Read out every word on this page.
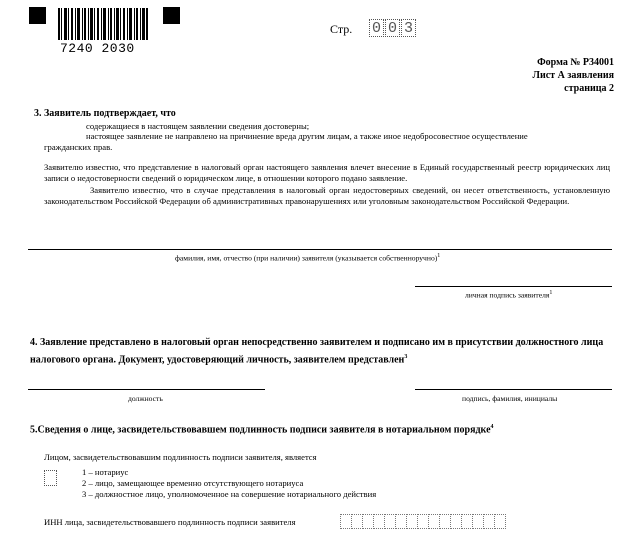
7240 2030
Стр. 0 0 3
Форма № Р34001
Лист А заявления
страница 2
3. Заявитель подтверждает, что
содержащиеся в настоящем заявлении сведения достоверны;
настоящее заявление не направлено на причинение вреда другим лицам, а также иное недобросовестное осуществление
гражданских прав.
Заявителю известно, что представление в налоговый орган настоящего заявления влечет внесение в Единый государственный реестр юридических лиц записи о недостоверности сведений о юридическом лице, в отношении которого подано заявление.
Заявителю известно, что в случае представления в налоговый орган недостоверных сведений, он несет ответственность, установленную законодательством Российской Федерации об административных правонарушениях или уголовным законодательством Российской Федерации.
фамилия, имя, отчество (при наличии) заявителя (указывается собственноручно)$^1$
личная подпись заявителя$^1$
4. Заявление представлено в налоговый орган непосредственно заявителем и подписано им в присутствии должностного лица налогового органа. Документ, удостоверяющий личность, заявителем представлен$^3$
должность	подпись, фамилия, инициалы
5.Сведения о лице, засвидетельствовавшем подлинность подписи заявителя в нотариальном порядке$^4$
Лицом, засвидетельствовавшим подлинность подписи заявителя, является
1 – нотариус
2 – лицо, замещающее временно отсутствующего нотариуса
3 – должностное лицо, уполномоченное на совершение нотариального действия
ИНН лица, засвидетельствовавшего подлинность подписи заявителя
